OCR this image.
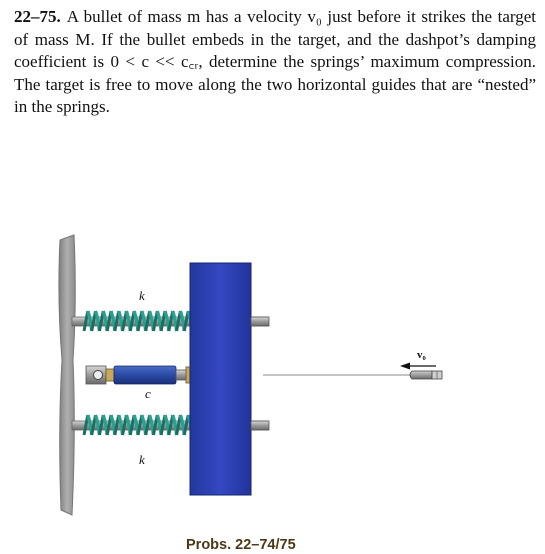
22–75. A bullet of mass m has a velocity v₀ just before it strikes the target of mass M. If the bullet embeds in the target, and the dashpot’s damping coefficient is 0 < c << c꜀ᵣ, determine the springs’ maximum compression. The target is free to move along the two horizontal guides that are “nested” in the springs.
k
c
k
v₀
Probs. 22–74/75
